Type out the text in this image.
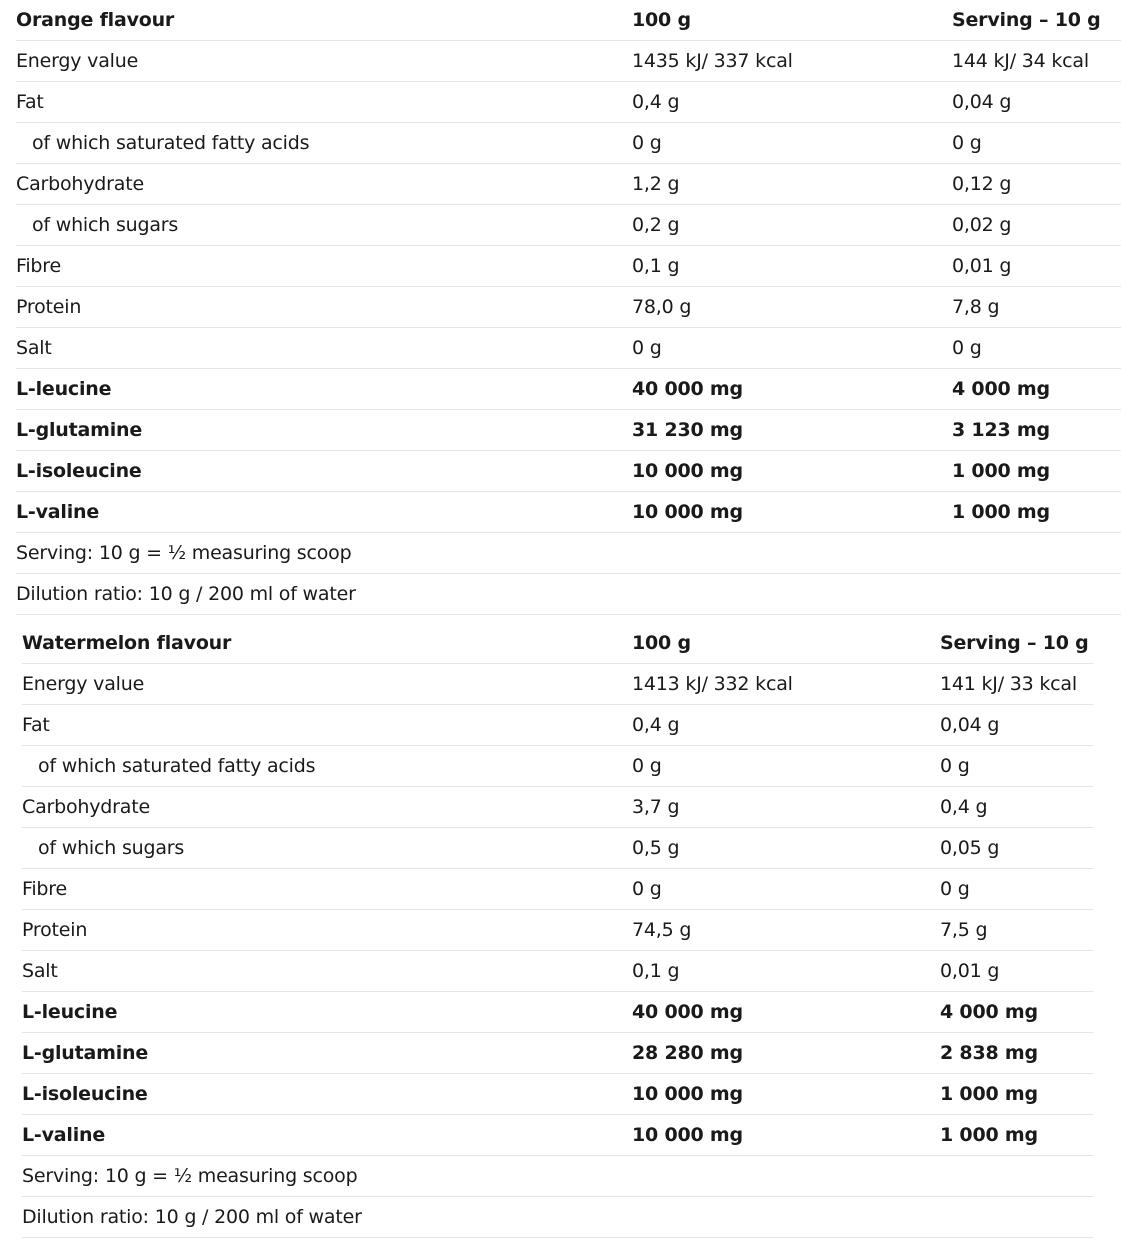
Orange flavour	100 g	Serving – 10 g
Energy value	1435 kJ/ 337 kcal	144 kJ/ 34 kcal
Fat	0,4 g	0,04 g
of which saturated fatty acids	0 g	0 g
Carbohydrate	1,2 g	0,12 g
of which sugars	0,2 g	0,02 g
Fibre	0,1 g	0,01 g
Protein	78,0 g	7,8 g
Salt	0 g	0 g
L-leucine	40 000 mg	4 000 mg
L-glutamine	31 230 mg	3 123 mg
L-isoleucine	10 000 mg	1 000 mg
L-valine	10 000 mg	1 000 mg
Serving: 10 g = ½ measuring scoop		
Dilution ratio: 10 g / 200 ml of water		
Watermelon flavour	100 g	Serving – 10 g
Energy value	1413 kJ/ 332 kcal	141 kJ/ 33 kcal
Fat	0,4 g	0,04 g
of which saturated fatty acids	0 g	0 g
Carbohydrate	3,7 g	0,4 g
of which sugars	0,5 g	0,05 g
Fibre	0 g	0 g
Protein	74,5 g	7,5 g
Salt	0,1 g	0,01 g
L-leucine	40 000 mg	4 000 mg
L-glutamine	28 280 mg	2 838 mg
L-isoleucine	10 000 mg	1 000 mg
L-valine	10 000 mg	1 000 mg
Serving: 10 g = ½ measuring scoop		
Dilution ratio: 10 g / 200 ml of water		
